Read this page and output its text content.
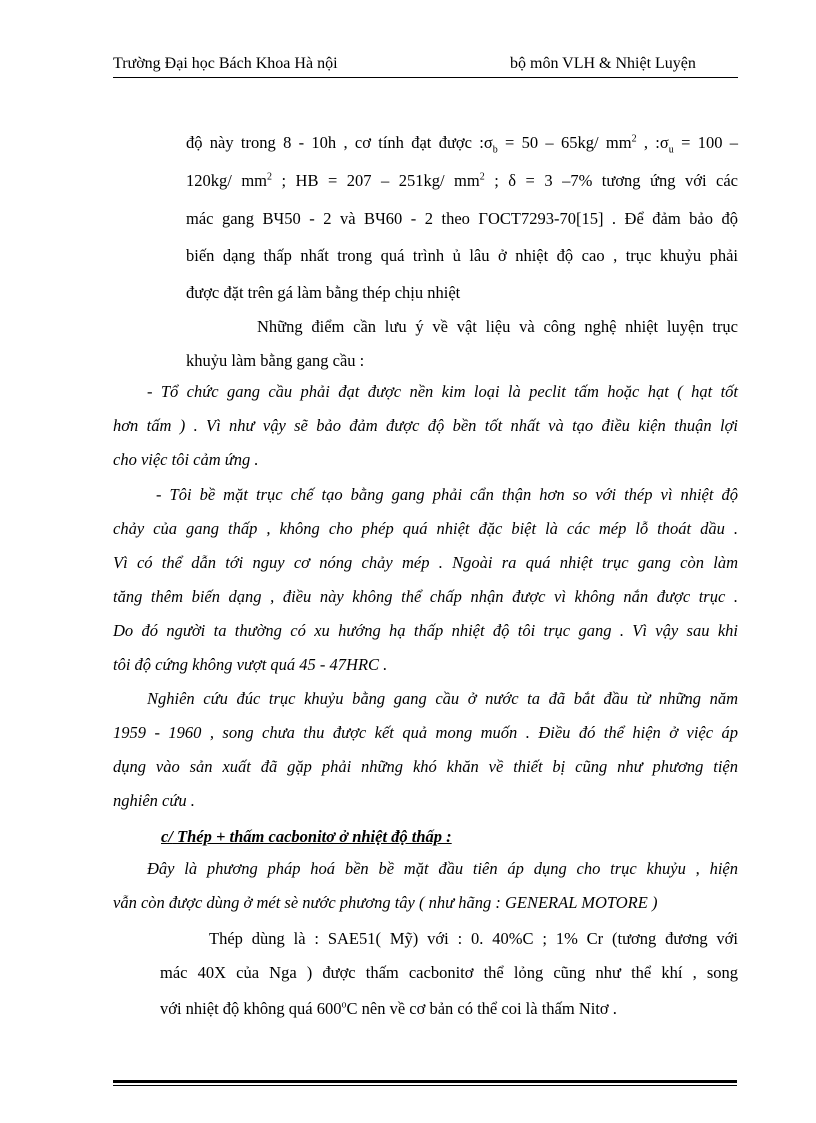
Trường Đại học Bách Khoa Hà nội	bộ môn VLH & Nhiệt Luyện
độ này trong 8 - 10h , cơ tính đạt được $:\sigma_b = 50 - 65kg/$ $mm^2$ , $:\sigma_u = 100$ –
120kg/ $mm^2$ ; HB = 207 – 251kg/ $mm^2$ ; δ = 3 –7% tương ứng với các
mác gang BЧ50 - 2 và BЧ60 - 2 theo ГOCT7293-70[15] . Để đảm bảo độ
biến dạng thấp nhất trong quá trình ủ lâu ở nhiệt độ cao , trục khuỷu phải
được đặt trên gá làm bằng thép chịu nhiệt
Những điểm cần lưu ý về vật liệu và công nghệ nhiệt luyện trục
khuỷu làm bằng gang cầu :
- Tổ chức gang cầu phải đạt được nền kim loại là peclit tấm hoặc hạt ( hạt tốt
hơn tấm ) . Vì như vậy sẽ bảo đảm được độ bền tốt nhất và tạo điều kiện thuận lợi
cho việc tôi cảm ứng .
- Tôi bề mặt trục chế tạo bằng gang phải cẩn thận hơn so với thép vì nhiệt độ
chảy của gang thấp , không cho phép quá nhiệt đặc biệt là các mép lỗ thoát dầu .
Vì có thể dẫn tới nguy cơ nóng chảy mép . Ngoài ra quá nhiệt trục gang còn làm
tăng thêm biến dạng , điều này không thể chấp nhận được vì không nắn được trục .
Do đó người ta thường có xu hướng hạ thấp nhiệt độ tôi trục gang . Vì vậy sau khi
tôi độ cứng không vượt quá 45 - 47HRC .
Nghiên cứu đúc trục khuỷu bằng gang cầu ở nước ta đã bắt đầu từ những năm
1959 - 1960 , song chưa thu được kết quả mong muốn . Điều đó thể hiện ở việc áp
dụng vào sản xuất đã gặp phải những khó khăn về thiết bị cũng như phương tiện
nghiên cứu .
c/ Thép + thấm cacbonitơ ở nhiệt độ thấp :
Đây là phương pháp hoá bền bề mặt đầu tiên áp dụng cho trục khuỷu , hiện
vẫn còn được dùng ở mét sè nước phương tây ( như hãng : GENERAL MOTORE )
Thép dùng là : SAE51( Mỹ) với : 0. 40%C ; 1% Cr (tương đương với
mác 40X của Nga ) được thấm cacbonitơ thể lỏng cũng như thể khí , song
với nhiệt độ không quá 600$^o$C nên về cơ bản có thể coi là thấm Nitơ .
